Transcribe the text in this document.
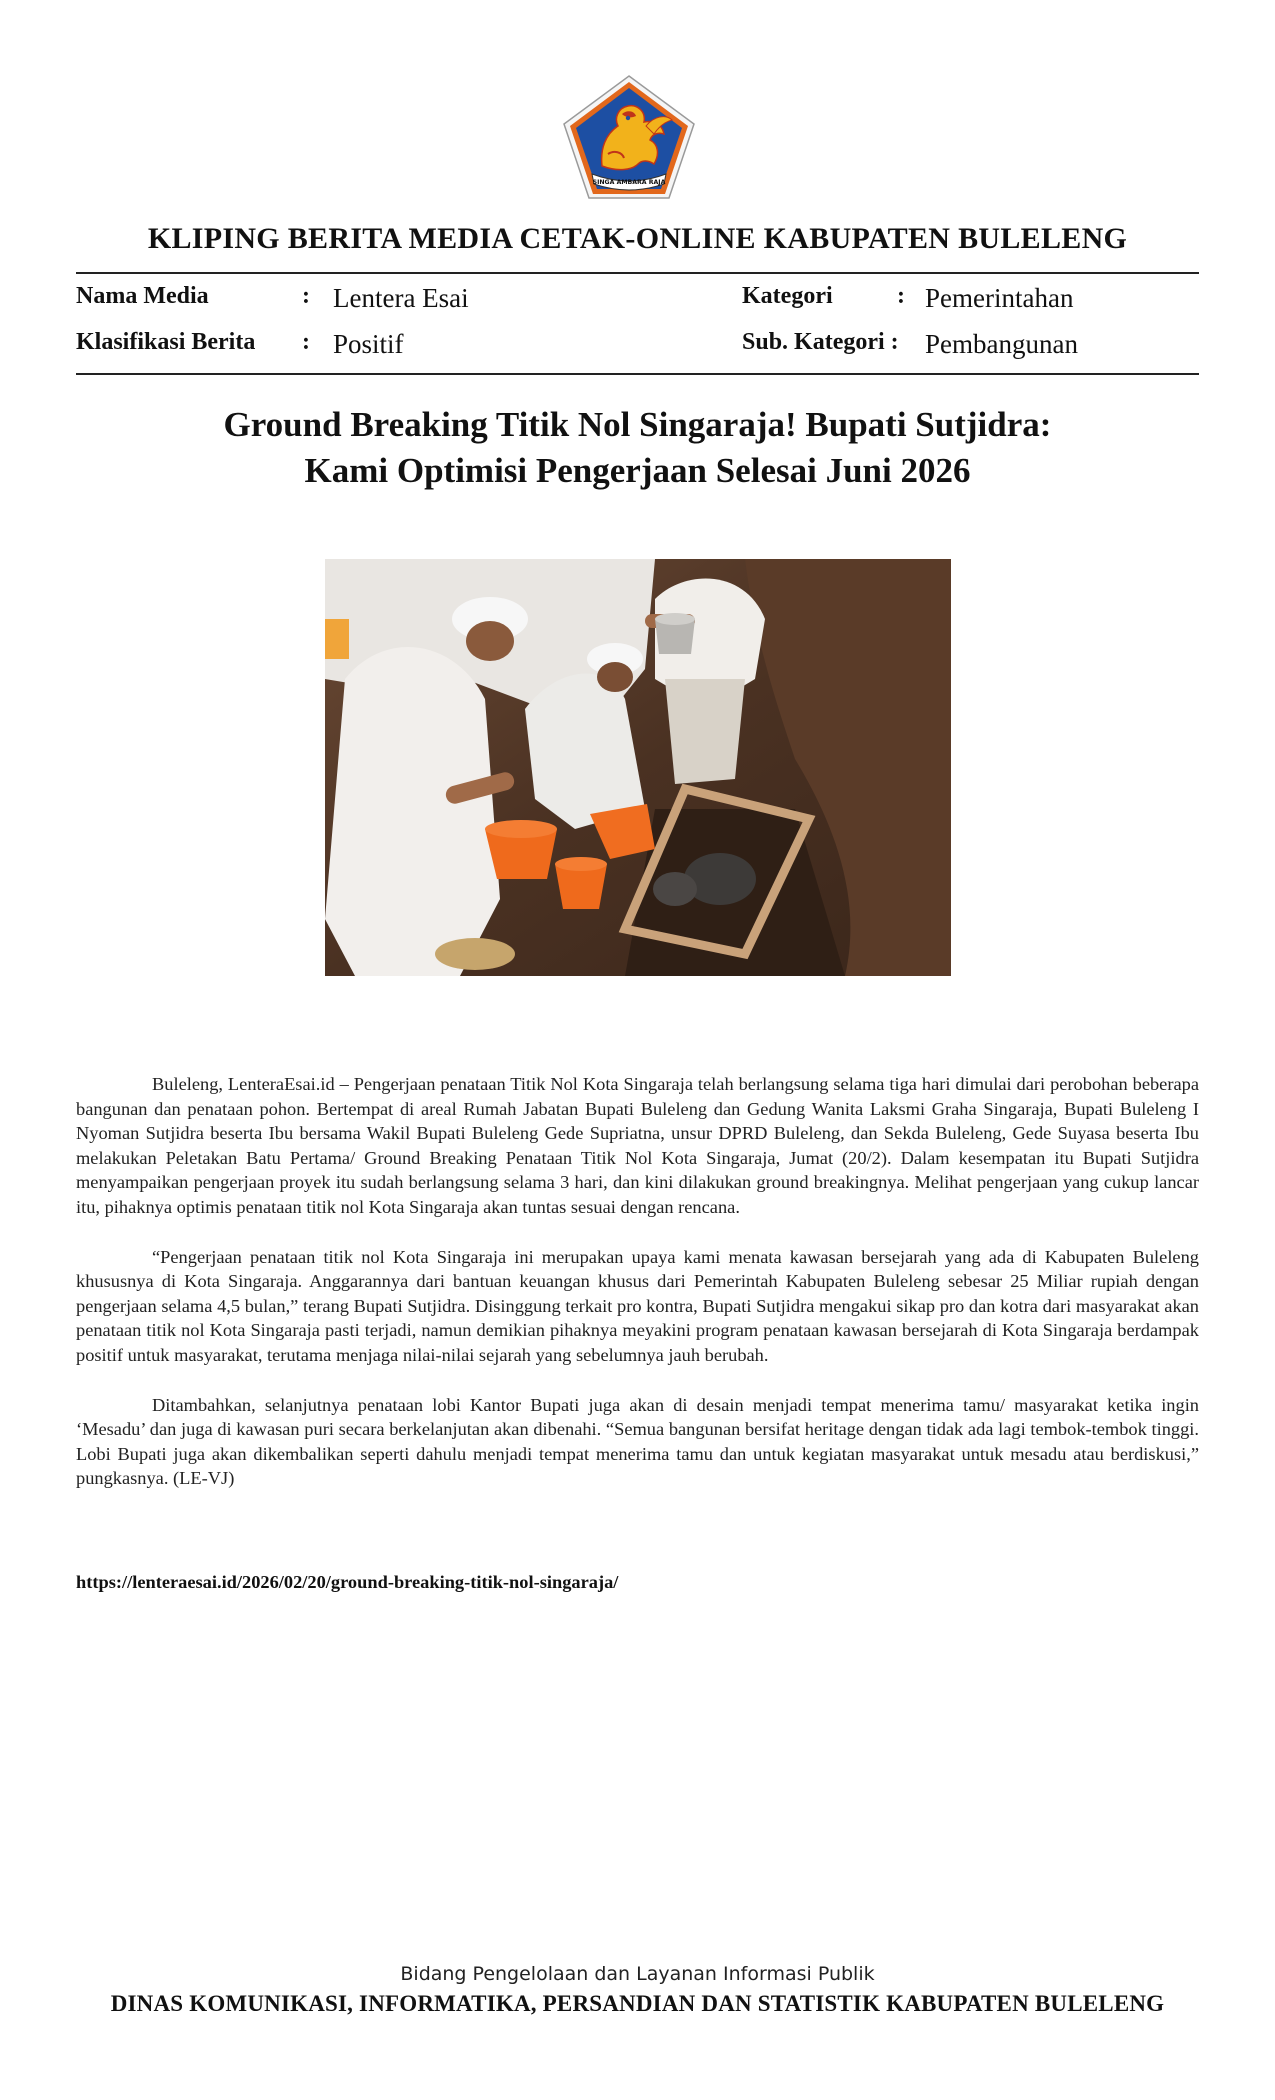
SINGA AMBARA RAJA
KLIPING BERITA MEDIA CETAK-ONLINE KABUPATEN BULELENG
Nama Media	: Lentera Esai
Klasifikasi Berita : Positif
Kategori	: Pemerintahan
Sub. Kategori : Pembangunan
Ground Breaking Titik Nol Singaraja! Bupati Sutjidra:
Kami Optimisi Pengerjaan Selesai Juni 2026

Buleleng, LenteraEsai.id – Pengerjaan penataan Titik Nol Kota Singaraja telah berlangsung selama tiga hari dimulai dari perobohan beberapa bangunan dan penataan pohon. Bertempat di areal Rumah Jabatan Bupati Buleleng dan Gedung Wanita Laksmi Graha Singaraja, Bupati Buleleng I Nyoman Sutjidra beserta Ibu bersama Wakil Bupati Buleleng Gede Supriatna, unsur DPRD Buleleng, dan Sekda Buleleng, Gede Suyasa beserta Ibu melakukan Peletakan Batu Pertama/ Ground Breaking Penataan Titik Nol Kota Singaraja, Jumat (20/2). Dalam kesempatan itu Bupati Sutjidra menyampaikan pengerjaan proyek itu sudah berlangsung selama 3 hari, dan kini dilakukan ground breakingnya. Melihat pengerjaan yang cukup lancar itu, pihaknya optimis penataan titik nol Kota Singaraja akan tuntas sesuai dengan rencana.

“Pengerjaan penataan titik nol Kota Singaraja ini merupakan upaya kami menata kawasan bersejarah yang ada di Kabupaten Buleleng khususnya di Kota Singaraja. Anggarannya dari bantuan keuangan khusus dari Pemerintah Kabupaten Buleleng sebesar 25 Miliar rupiah dengan pengerjaan selama 4,5 bulan,” terang Bupati Sutjidra. Disinggung terkait pro kontra, Bupati Sutjidra mengakui sikap pro dan kotra dari masyarakat akan penataan titik nol Kota Singaraja pasti terjadi, namun demikian pihaknya meyakini program penataan kawasan bersejarah di Kota Singaraja berdampak positif untuk masyarakat, terutama menjaga nilai-nilai sejarah yang sebelumnya jauh berubah.

Ditambahkan, selanjutnya penataan lobi Kantor Bupati juga akan di desain menjadi tempat menerima tamu/ masyarakat ketika ingin ‘Mesadu’ dan juga di kawasan puri secara berkelanjutan akan dibenahi. “Semua bangunan bersifat heritage dengan tidak ada lagi tembok-tembok tinggi. Lobi Bupati juga akan dikembalikan seperti dahulu menjadi tempat menerima tamu dan untuk kegiatan masyarakat untuk mesadu atau berdiskusi,” pungkasnya. (LE-VJ)

https://lenteraesai.id/2026/02/20/ground-breaking-titik-nol-singaraja/
Bidang Pengelolaan dan Layanan Informasi Publik
DINAS KOMUNIKASI, INFORMATIKA, PERSANDIAN DAN STATISTIK KABUPATEN BULELENG
